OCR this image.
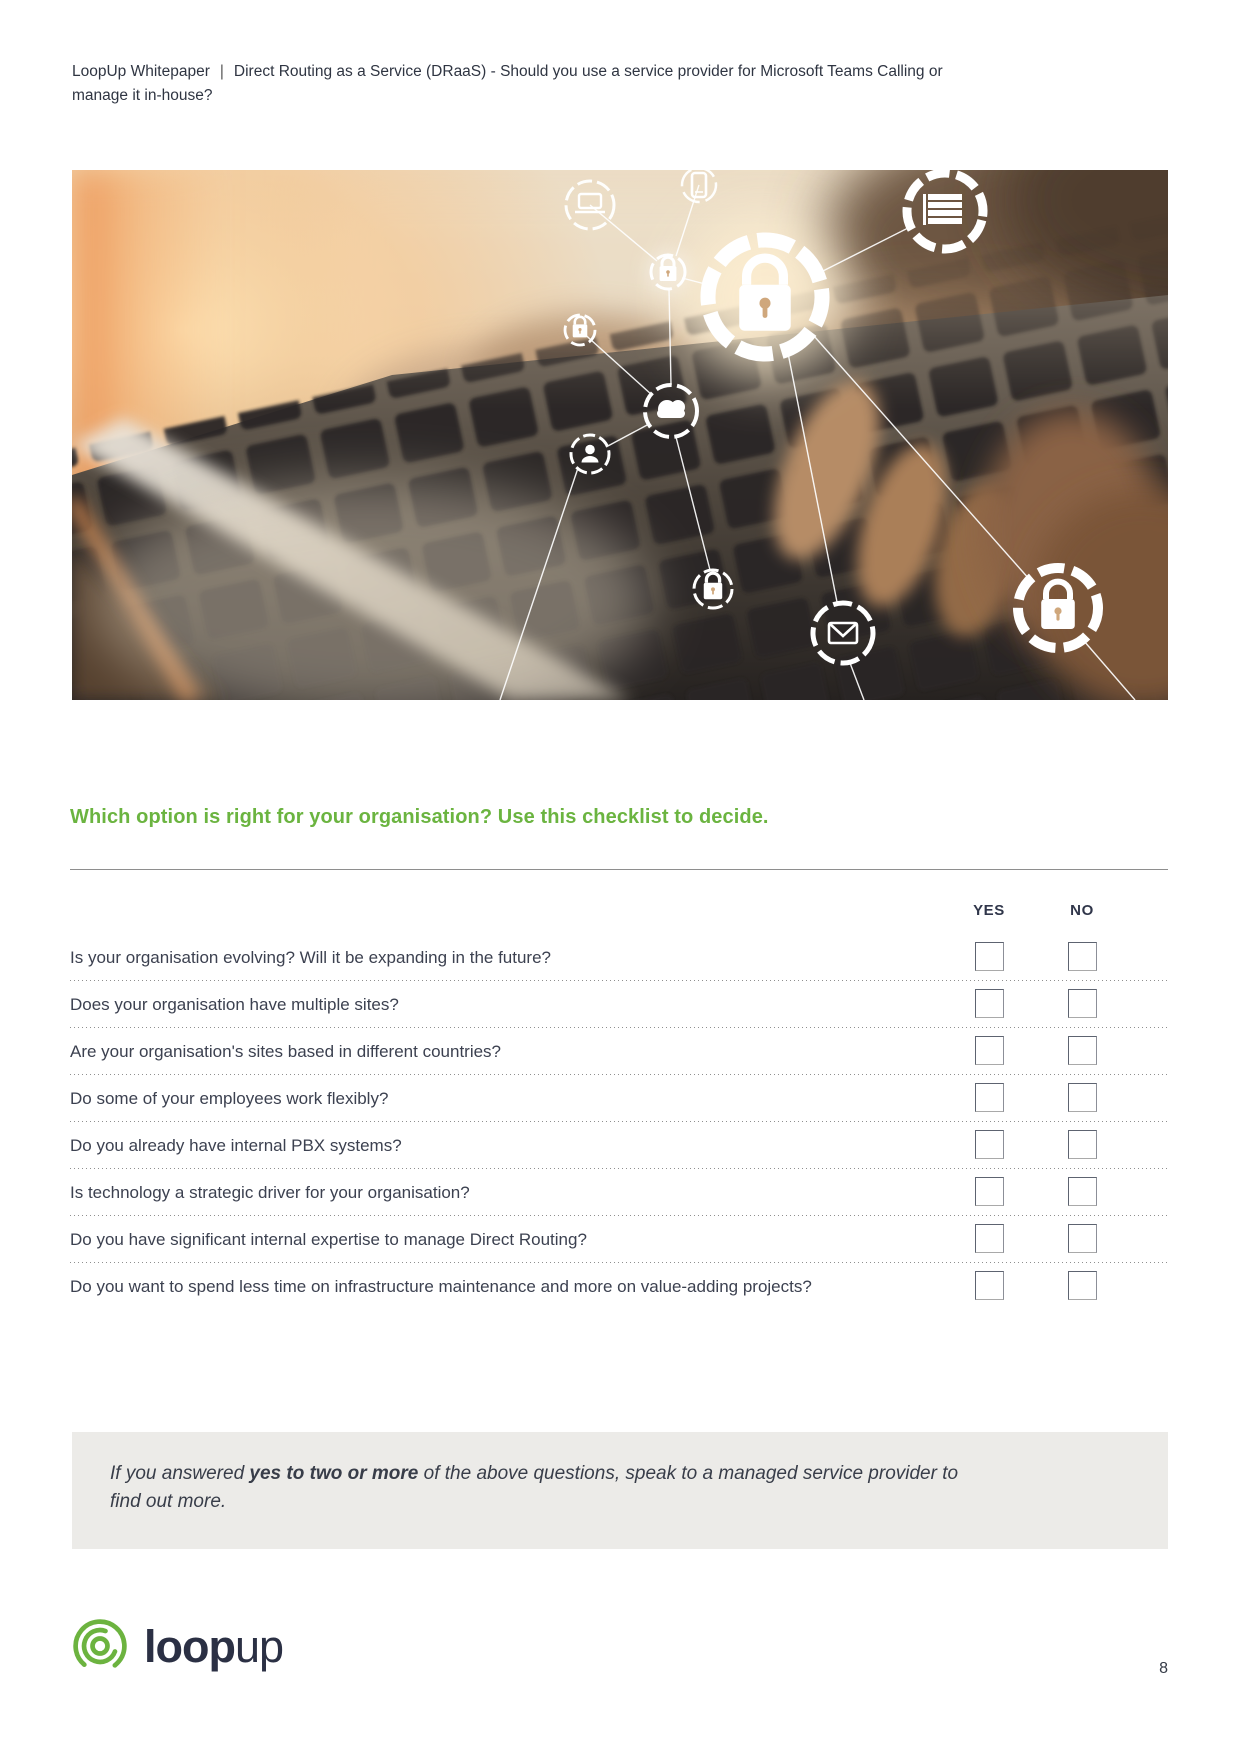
LoopUp Whitepaper | Direct Routing as a Service (DRaaS) - Should you use a service provider for Microsoft Teams Calling or manage it in-house?
Which option is right for your organisation? Use this checklist to decide.
YES	NO
Is your organisation evolving? Will it be expanding in the future?
Does your organisation have multiple sites?
Are your organisation's sites based in different countries?
Do some of your employees work flexibly?
Do you already have internal PBX systems?
Is technology a strategic driver for your organisation?
Do you have significant internal expertise to manage Direct Routing?
Do you want to spend less time on infrastructure maintenance and more on value-adding projects?

If you answered yes to two or more of the above questions, speak to a managed service provider to find out more.

loopup	8
